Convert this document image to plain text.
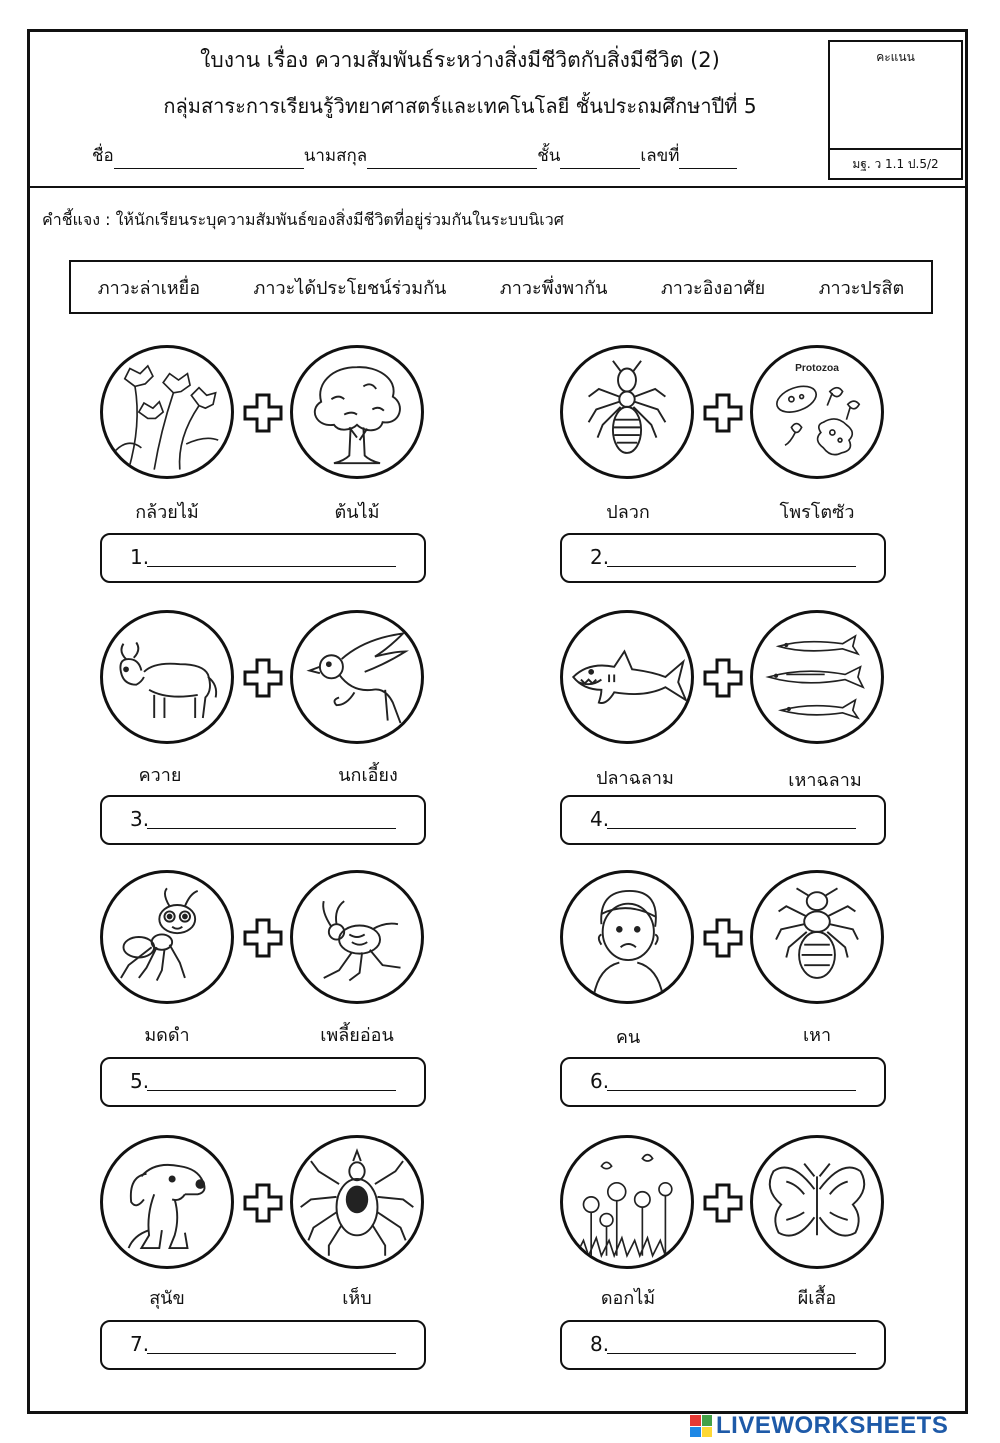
ใบงาน เรื่อง ความสัมพันธ์ระหว่างสิ่งมีชีวิตกับสิ่งมีชีวิต (2)
กลุ่มสาระการเรียนรู้วิทยาศาสตร์และเทคโนโลยี ชั้นประถมศึกษาปีที่ 5
ชื่อ	นามสกุล	ชั้น	เลขที่
คะแนน
มฐ. ว 1.1 ป.5/2
คำชี้แจง : ให้นักเรียนระบุความสัมพันธ์ของสิ่งมีชีวิตที่อยู่ร่วมกันในระบบนิเวศ
ภาวะล่าเหยื่อ	ภาวะได้ประโยชน์ร่วมกัน	ภาวะพึ่งพากัน	ภาวะอิงอาศัย	ภาวะปรสิต
กล้วยไม้	ต้นไม้
1.
Protozoa
ปลวก	โพรโตซัว
2.
ควาย	นกเอี้ยง
3.
ปลาฉลาม	เหาฉลาม
4.
มดดำ	เพลี้ยอ่อน
5.
คน	เหา
6.
สุนัข	เห็บ
7.
ดอกไม้	ผีเสื้อ
8.
LIVEWORKSHEETS
